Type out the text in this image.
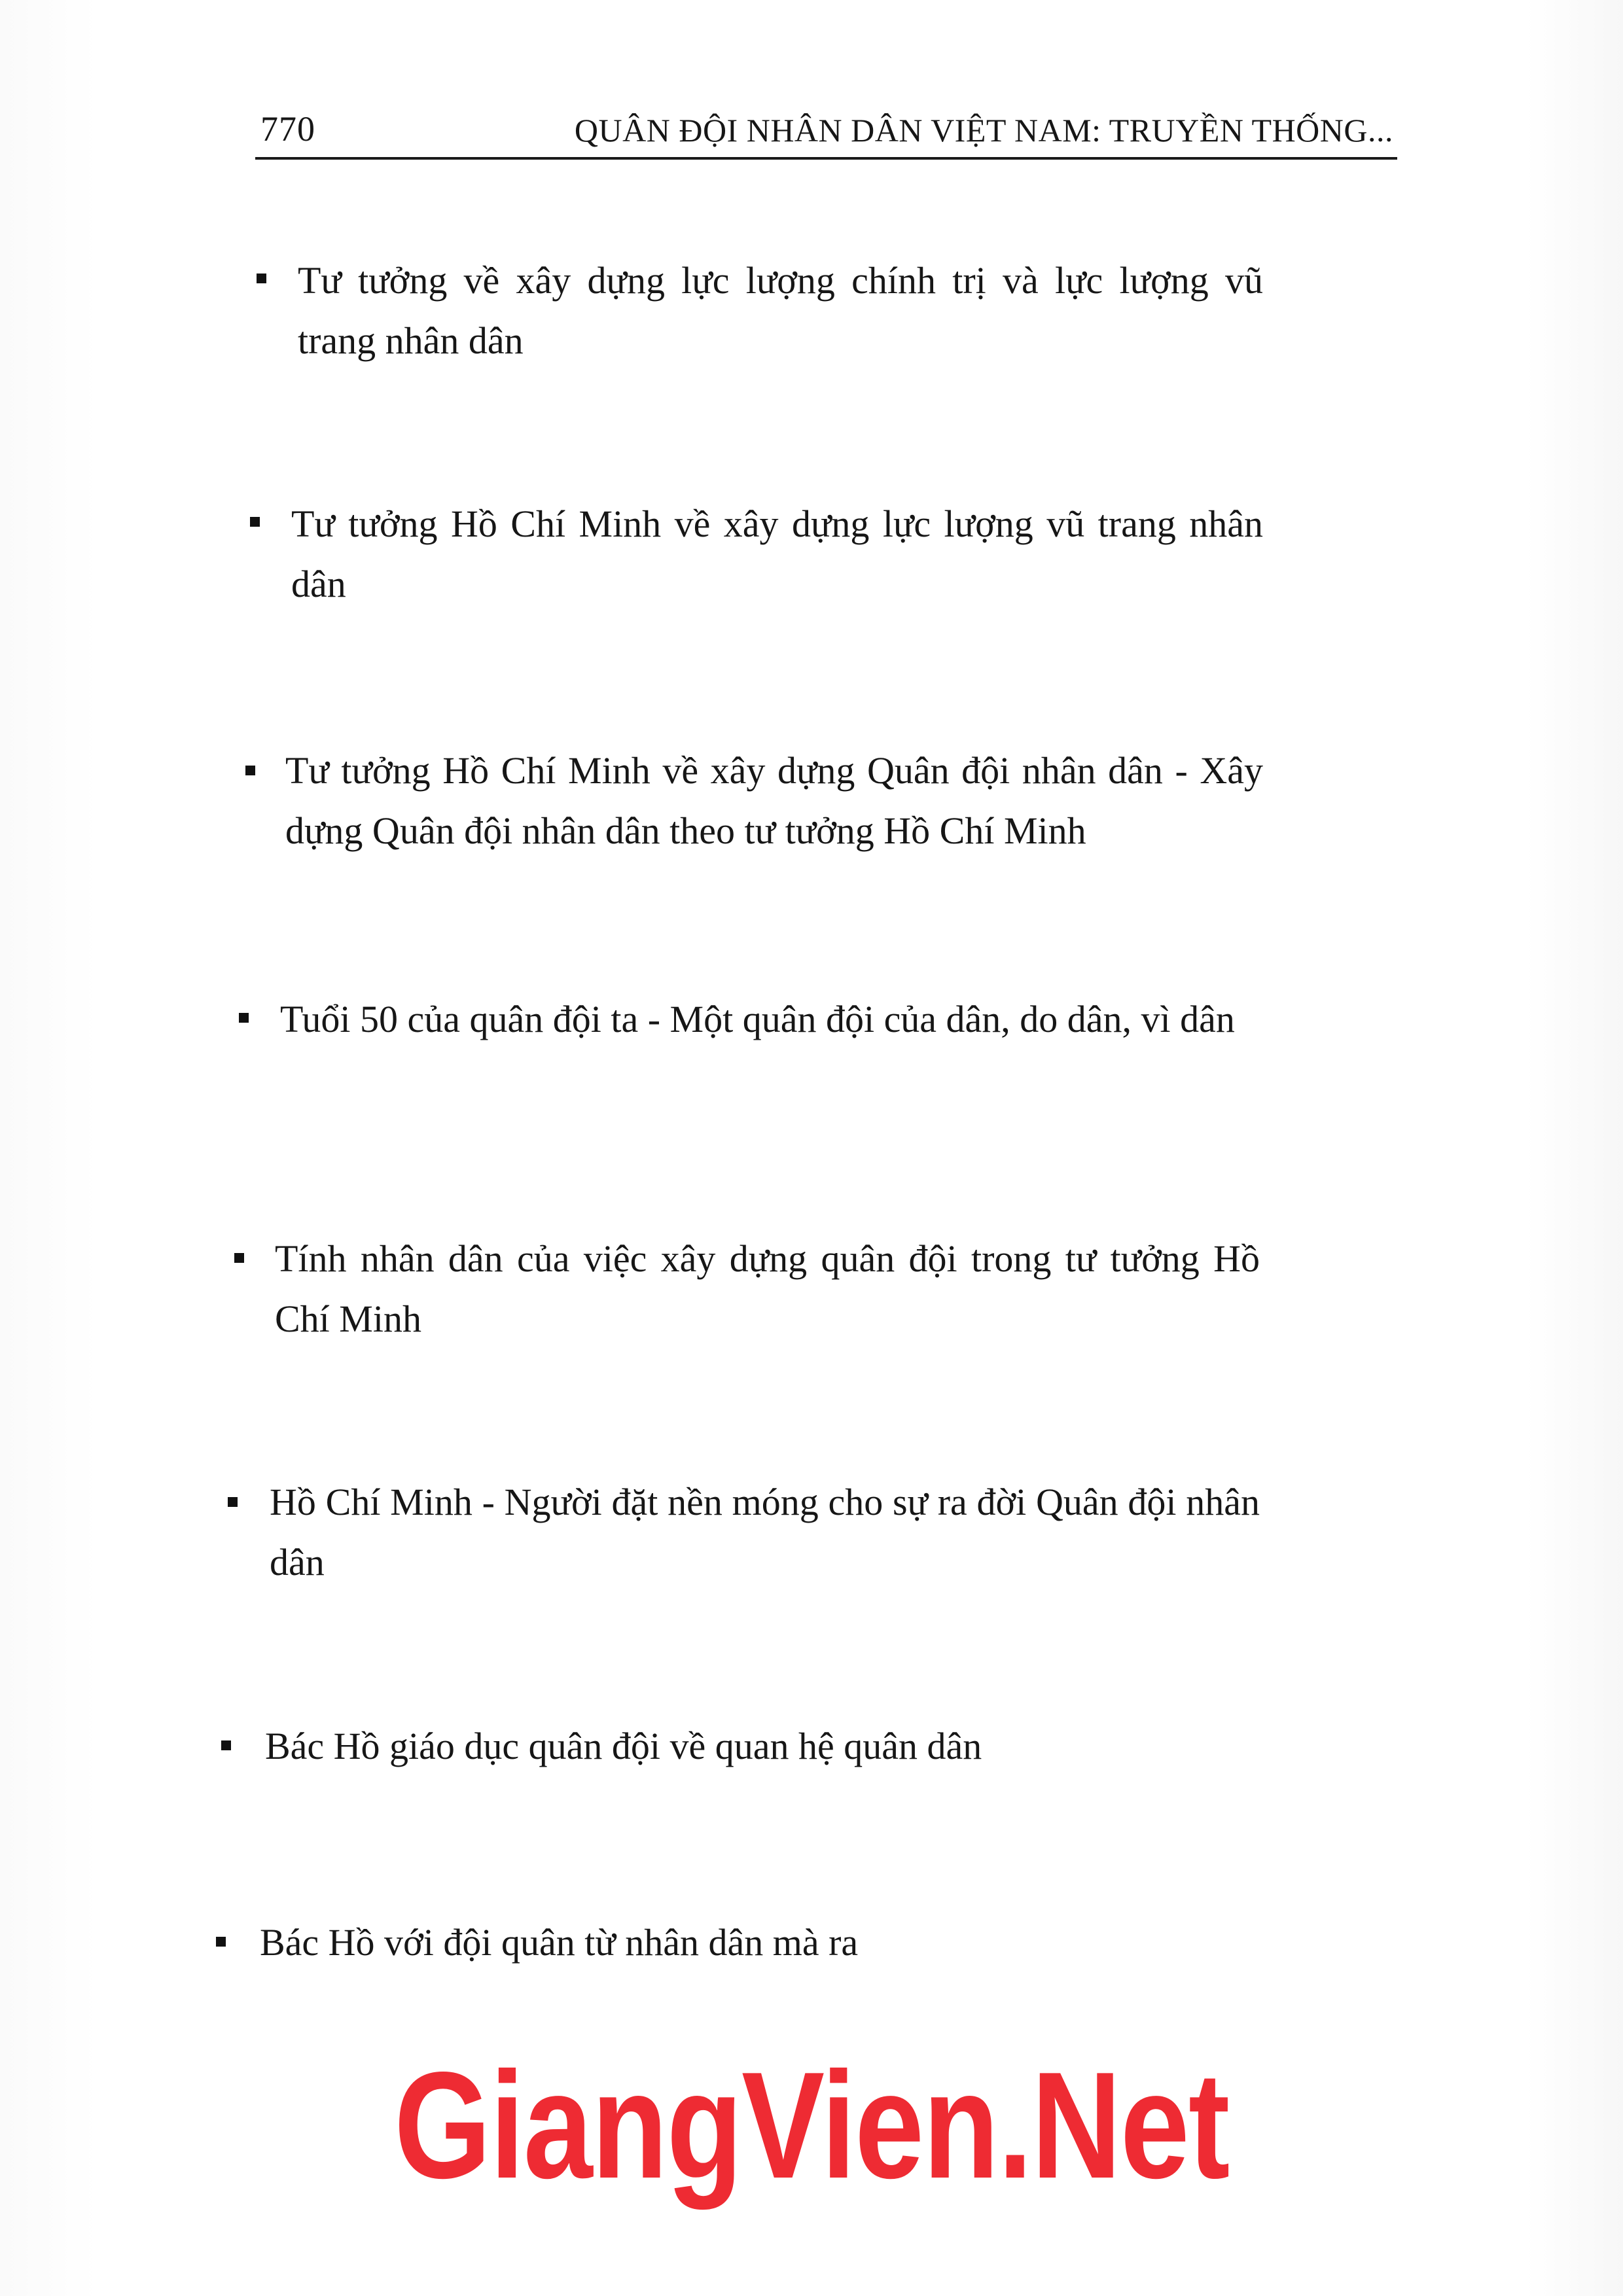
770	QUÂN ĐỘI NHÂN DÂN VIỆT NAM: TRUYỀN THỐNG...
Tư tưởng về xây dựng lực lượng chính trị và lực lượng vũ trang nhân dân
Tư tưởng Hồ Chí Minh về xây dựng lực lượng vũ trang nhân dân
Tư tưởng Hồ Chí Minh về xây dựng Quân đội nhân dân - Xây dựng Quân đội nhân dân theo tư tưởng Hồ Chí Minh
Tuổi 50 của quân đội ta - Một quân đội của dân, do dân, vì dân
Tính nhân dân của việc xây dựng quân đội trong tư tưởng Hồ Chí Minh
Hồ Chí Minh - Người đặt nền móng cho sự ra đời Quân đội nhân dân
Bác Hồ giáo dục quân đội về quan hệ quân dân
Bác Hồ với đội quân từ nhân dân mà ra
GiangVien.Net
